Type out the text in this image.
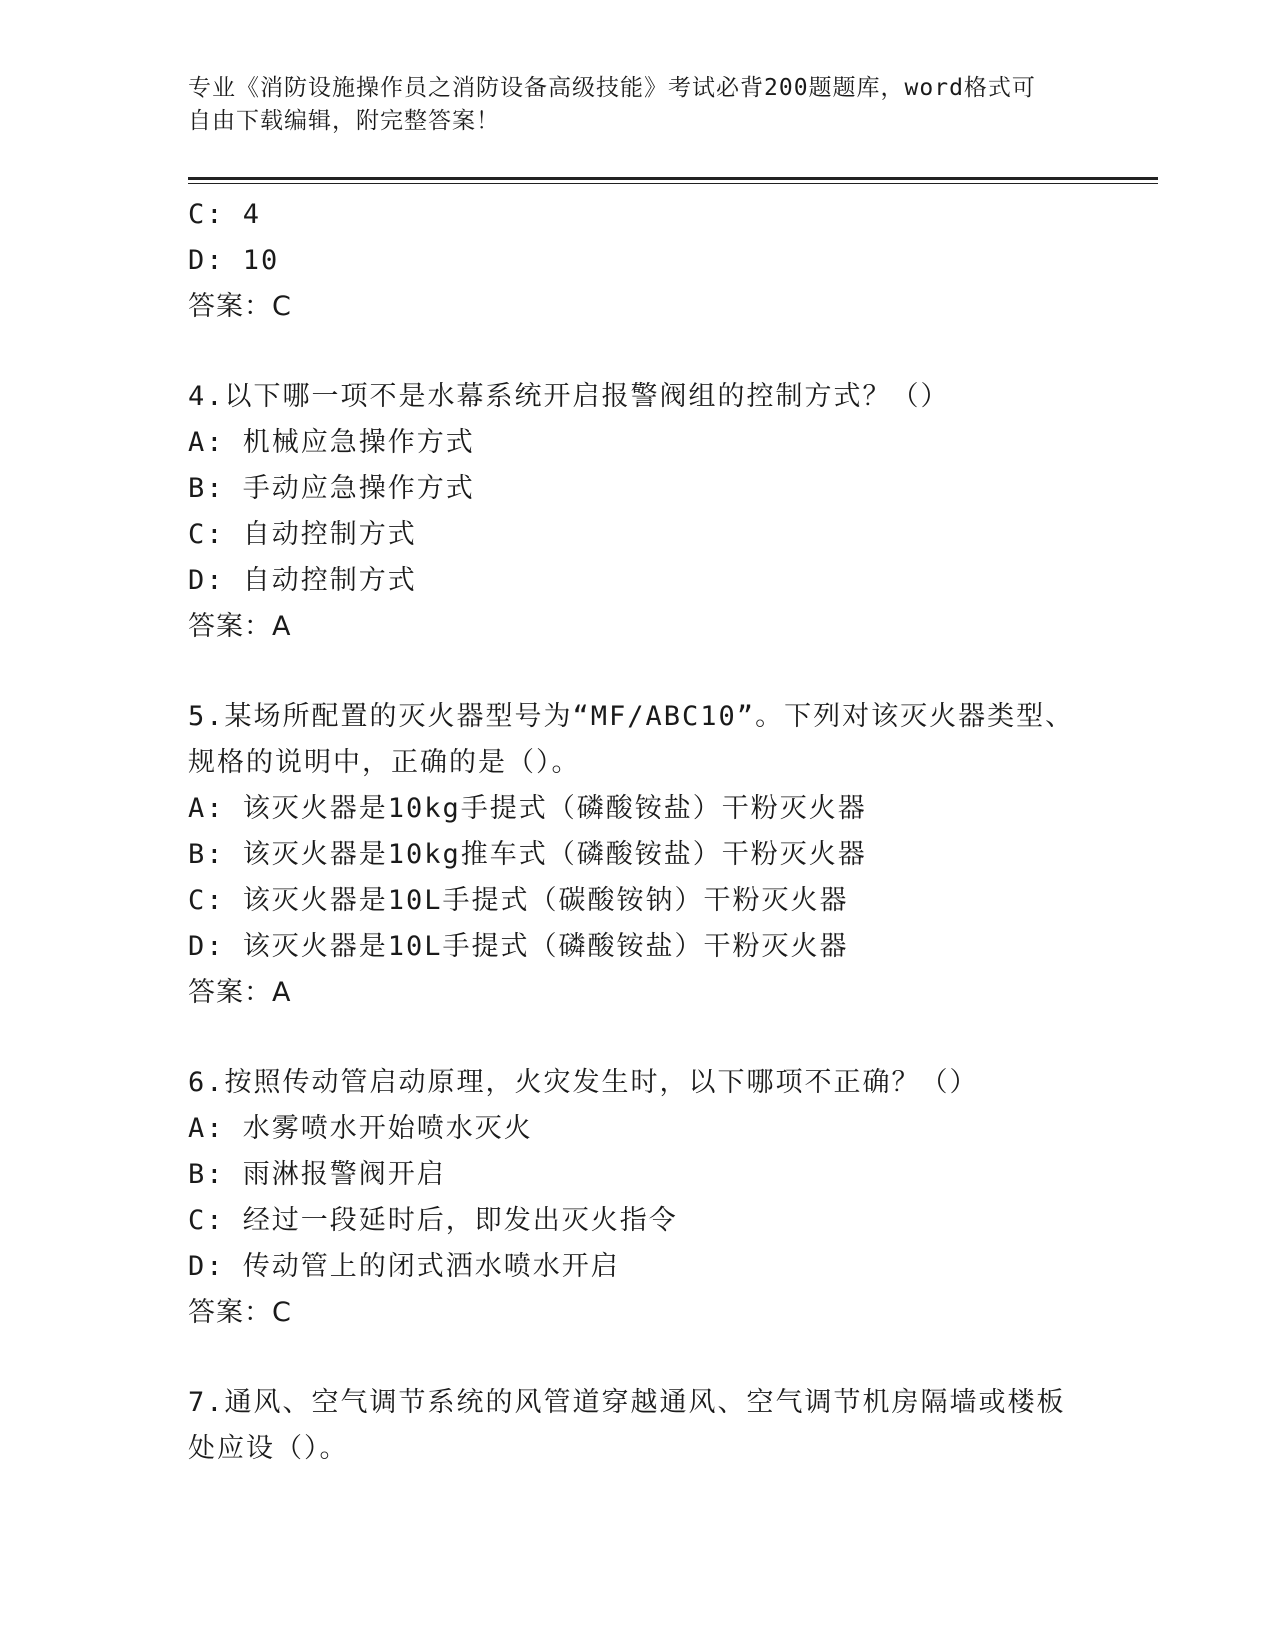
专业《消防设施操作员之消防设备高级技能》考试必背200题题库，word格式可
自由下载编辑，附完整答案！
C: 4
D: 10
答案：C
4.以下哪一项不是水幕系统开启报警阀组的控制方式？（）
A: 机械应急操作方式
B: 手动应急操作方式
C: 自动控制方式
D: 自动控制方式
答案：A
5.某场所配置的灭火器型号为“MF/ABC10”。下列对该灭火器类型、
规格的说明中，正确的是（）。
A: 该灭火器是10kg手提式（磷酸铵盐）干粉灭火器
B: 该灭火器是10kg推车式（磷酸铵盐）干粉灭火器
C: 该灭火器是10L手提式（碳酸铵钠）干粉灭火器
D: 该灭火器是10L手提式（磷酸铵盐）干粉灭火器
答案：A
6.按照传动管启动原理，火灾发生时，以下哪项不正确？（）
A: 水雾喷水开始喷水灭火
B: 雨淋报警阀开启
C: 经过一段延时后，即发出灭火指令
D: 传动管上的闭式洒水喷水开启
答案：C
7.通风、空气调节系统的风管道穿越通风、空气调节机房隔墙或楼板
处应设（）。
